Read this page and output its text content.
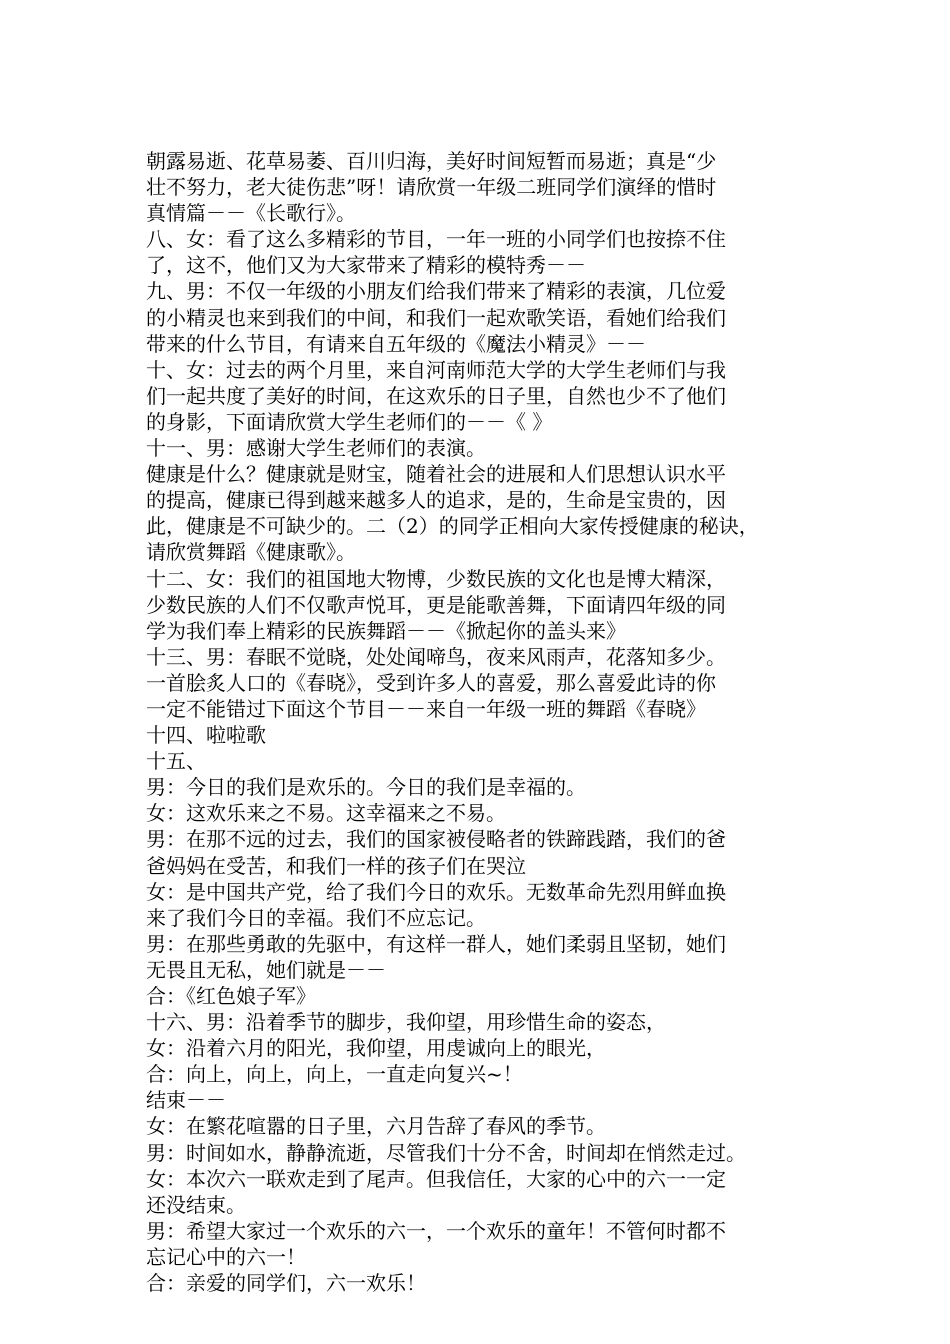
朝露易逝、花草易萎、百川归海，美好时间短暂而易逝；真是“少
壮不努力，老大徒伤悲”呀！请欣赏一年级二班同学们演绎的惜时
真情篇－－《长歌行》。
八、女：看了这么多精彩的节目，一年一班的小同学们也按捺不住
了，这不，他们又为大家带来了精彩的模特秀－－
九、男：不仅一年级的小朋友们给我们带来了精彩的表演，几位爱
的小精灵也来到我们的中间，和我们一起欢歌笑语，看她们给我们
带来的什么节目，有请来自五年级的《魔法小精灵》－－
十、女：过去的两个月里，来自河南师范大学的大学生老师们与我
们一起共度了美好的时间，在这欢乐的日子里，自然也少不了他们
的身影，下面请欣赏大学生老师们的－－《 》
十一、男：感谢大学生老师们的表演。
健康是什么？健康就是财宝，随着社会的进展和人们思想认识水平
的提高，健康已得到越来越多人的追求，是的，生命是宝贵的，因
此，健康是不可缺少的。二（2）的同学正相向大家传授健康的秘诀，
请欣赏舞蹈《健康歌》。
十二、女：我们的祖国地大物博，少数民族的文化也是博大精深，
少数民族的人们不仅歌声悦耳，更是能歌善舞，下面请四年级的同
学为我们奉上精彩的民族舞蹈－－《掀起你的盖头来》
十三、男：春眠不觉晓，处处闻啼鸟，夜来风雨声，花落知多少。
一首脍炙人口的《春晓》，受到许多人的喜爱，那么喜爱此诗的你
一定不能错过下面这个节目－－来自一年级一班的舞蹈《春晓》
十四、啦啦歌
十五、
男：今日的我们是欢乐的。今日的我们是幸福的。
女：这欢乐来之不易。这幸福来之不易。
男：在那不远的过去，我们的国家被侵略者的铁蹄践踏，我们的爸
爸妈妈在受苦，和我们一样的孩子们在哭泣
女：是中国共产党，给了我们今日的欢乐。无数革命先烈用鲜血换
来了我们今日的幸福。我们不应忘记。
男：在那些勇敢的先驱中，有这样一群人，她们柔弱且坚韧，她们
无畏且无私，她们就是－－
合：《红色娘子军》
十六、男：沿着季节的脚步，我仰望，用珍惜生命的姿态，
女：沿着六月的阳光，我仰望，用虔诚向上的眼光，
合：向上，向上，向上，一直走向复兴~！
结束－－
女：在繁花喧嚣的日子里，六月告辞了春风的季节。
男：时间如水，静静流逝，尽管我们十分不舍，时间却在悄然走过。
女：本次六一联欢走到了尾声。但我信任，大家的心中的六一一定
还没结束。
男：希望大家过一个欢乐的六一，一个欢乐的童年！不管何时都不
忘记心中的六一！
合：亲爱的同学们，六一欢乐！
